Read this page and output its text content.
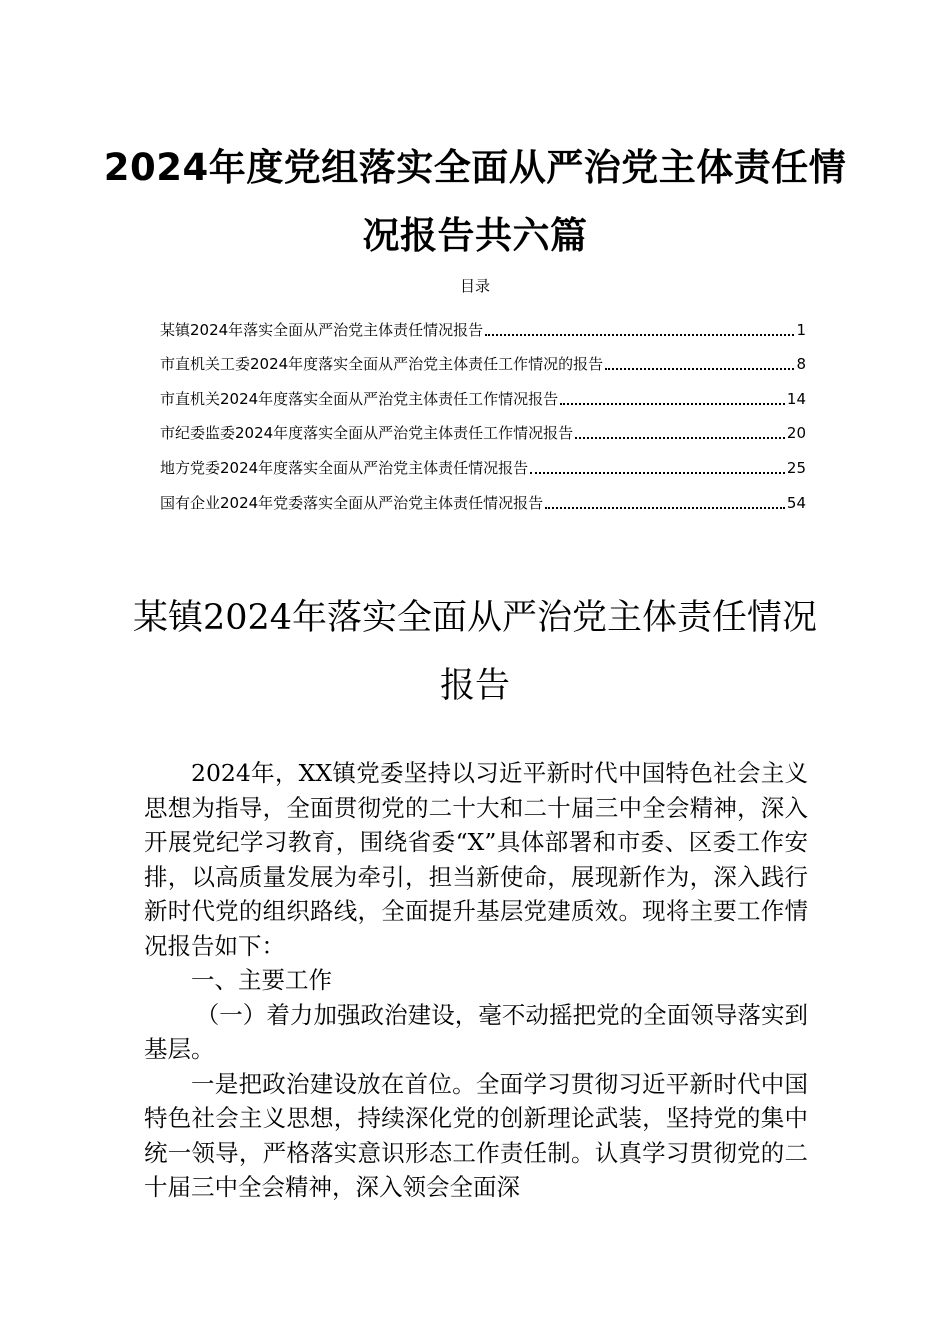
2024年度党组落实全面从严治党主体责任情况报告共六篇
目录
某镇2024年落实全面从严治党主体责任情况报告	1
市直机关工委2024年度落实全面从严治党主体责任工作情况的报告	8
市直机关2024年度落实全面从严治党主体责任工作情况报告	14
市纪委监委2024年度落实全面从严治党主体责任工作情况报告	20
地方党委2024年度落实全面从严治党主体责任情况报告	25
国有企业2024年党委落实全面从严治党主体责任情况报告	54
某镇2024年落实全面从严治党主体责任情况报告

2024年，XX镇党委坚持以习近平新时代中国特色社会主义思想为指导，全面贯彻党的二十大和二十届三中全会精神，深入开展党纪学习教育，围绕省委“X”具体部署和市委、区委工作安排，以高质量发展为牵引，担当新使命，展现新作为，深入践行新时代党的组织路线，全面提升基层党建质效。现将主要工作情况报告如下：

一、主要工作

（一）着力加强政治建设，毫不动摇把党的全面领导落实到基层。

一是把政治建设放在首位。全面学习贯彻习近平新时代中国特色社会主义思想，持续深化党的创新理论武装，坚持党的集中统一领导，严格落实意识形态工作责任制。认真学习贯彻党的二十届三中全会精神，深入领会全面深
